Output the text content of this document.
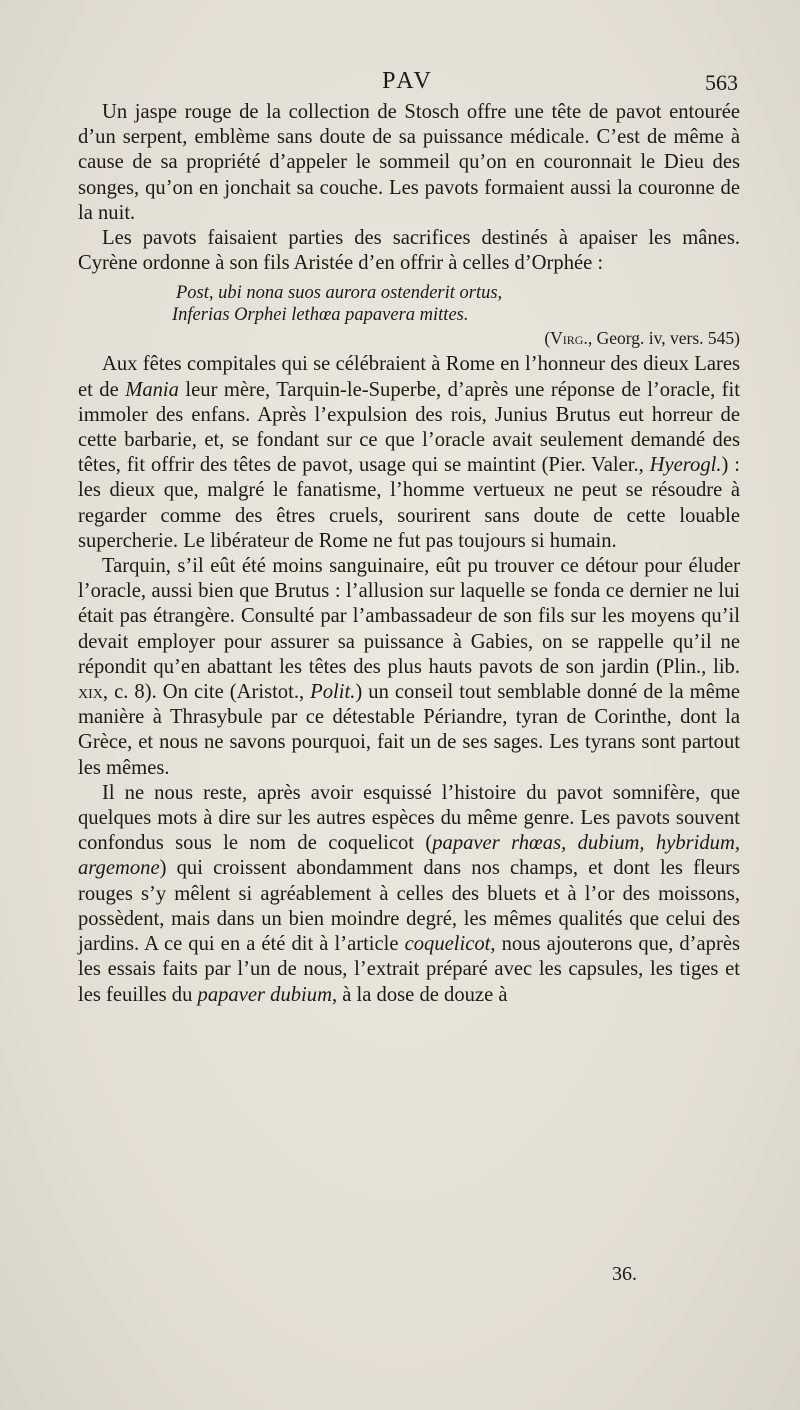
PAV	563

Un jaspe rouge de la collection de Stosch offre une tête de pavot entourée d’un serpent, emblème sans doute de sa puissance médicale. C’est de même à cause de sa propriété d’appeler le sommeil qu’on en couronnait le Dieu des songes, qu’on en jonchait sa couche. Les pavots formaient aussi la couronne de la nuit.

Les pavots faisaient parties des sacrifices destinés à apaiser les mânes. Cyrène ordonne à son fils Aristée d’en offrir à celles d’Orphée :

Post, ubi nona suos aurora ostenderit ortus,
Inferias Orphei lethœa papavera mittes.
(Virg., Georg. iv, vers. 545)

Aux fêtes compitales qui se célébraient à Rome en l’honneur des dieux Lares et de Mania leur mère, Tarquin-le-Superbe, d’après une réponse de l’oracle, fit immoler des enfans. Après l’expulsion des rois, Junius Brutus eut horreur de cette barbarie, et, se fondant sur ce que l’oracle avait seulement demandé des têtes, fit offrir des têtes de pavot, usage qui se maintint (Pier. Valer., Hyerogl.) : les dieux que, malgré le fanatisme, l’homme vertueux ne peut se résoudre à regarder comme des êtres cruels, sourirent sans doute de cette louable supercherie. Le libérateur de Rome ne fut pas toujours si humain.

Tarquin, s’il eût été moins sanguinaire, eût pu trouver ce détour pour éluder l’oracle, aussi bien que Brutus : l’allusion sur laquelle se fonda ce dernier ne lui était pas étrangère. Consulté par l’ambassadeur de son fils sur les moyens qu’il devait employer pour assurer sa puissance à Gabies, on se rappelle qu’il ne répondit qu’en abattant les têtes des plus hauts pavots de son jardin (Plin., lib. xix, c. 8). On cite (Aristot., Polit.) un conseil tout semblable donné de la même manière à Thrasybule par ce détestable Périandre, tyran de Corinthe, dont la Grèce, et nous ne savons pourquoi, fait un de ses sages. Les tyrans sont partout les mêmes.

Il ne nous reste, après avoir esquissé l’histoire du pavot somnifère, que quelques mots à dire sur les autres espèces du même genre. Les pavots souvent confondus sous le nom de coquelicot (papaver rhœas, dubium, hybridum, argemone) qui croissent abondamment dans nos champs, et dont les fleurs rouges s’y mêlent si agréablement à celles des bluets et à l’or des moissons, possèdent, mais dans un bien moindre degré, les mêmes qualités que celui des jardins. A ce qui en a été dit à l’article coquelicot, nous ajouterons que, d’après les essais faits par l’un de nous, l’extrait préparé avec les capsules, les tiges et les feuilles du papaver dubium, à la dose de douze à

36.
